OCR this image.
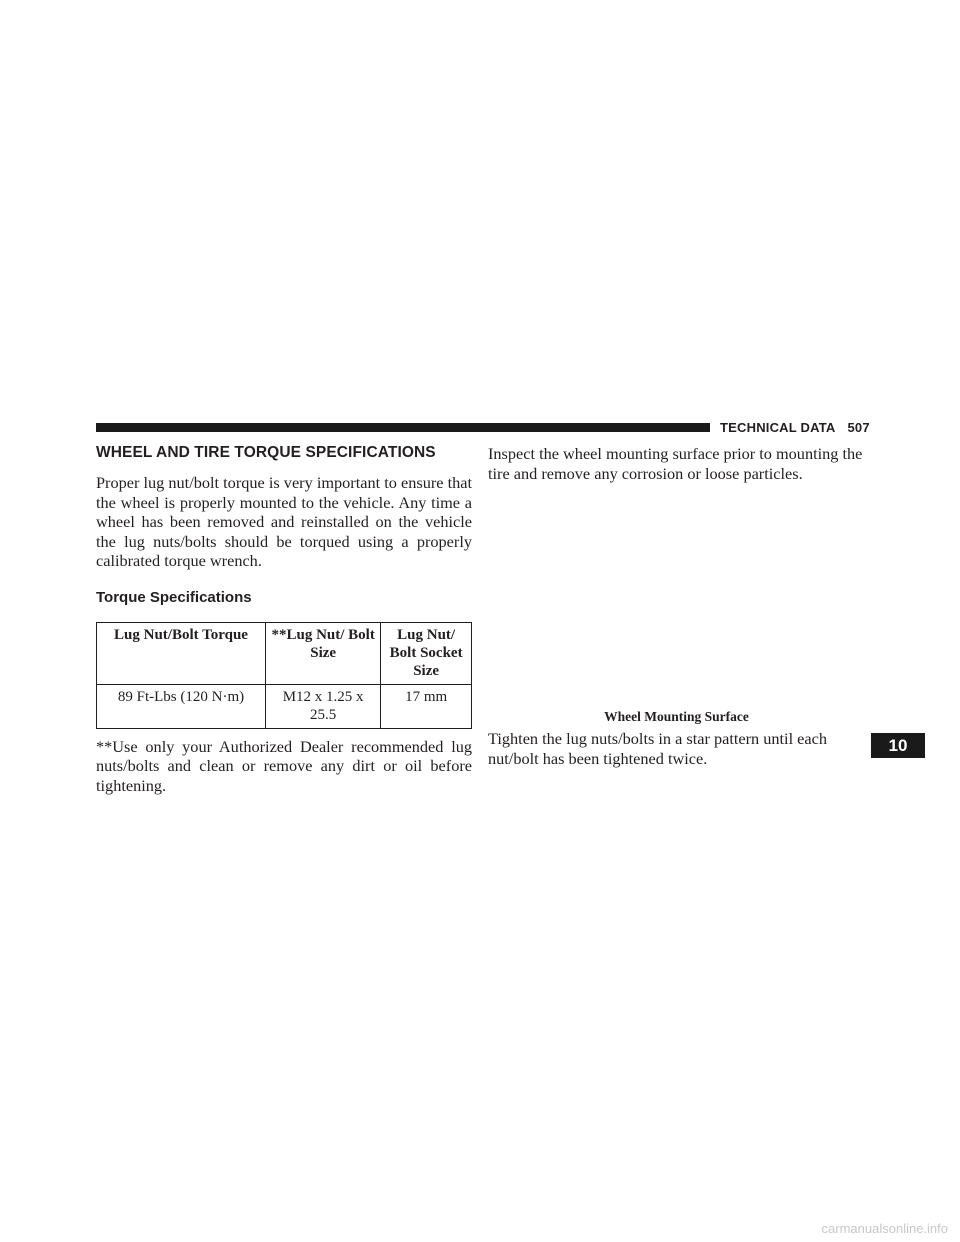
TECHNICAL DATA 507
WHEEL AND TIRE TORQUE SPECIFICATIONS

Proper lug nut/bolt torque is very important to ensure that the wheel is properly mounted to the vehicle. Any time a wheel has been removed and reinstalled on the vehicle the lug nuts/bolts should be torqued using a properly calibrated torque wrench.

Torque Specifications
Lug Nut/Bolt Torque	**Lug Nut/ Bolt Size	Lug Nut/ Bolt Socket Size
89 Ft-Lbs (120 N·m)	M12 x 1.25 x 25.5	17 mm

**Use only your Authorized Dealer recommended lug nuts/bolts and clean or remove any dirt or oil before tightening.

Inspect the wheel mounting surface prior to mounting the tire and remove any corrosion or loose particles.

Wheel Mounting Surface

Tighten the lug nuts/bolts in a star pattern until each nut/bolt has been tightened twice.

10
carmanualsonline.info
